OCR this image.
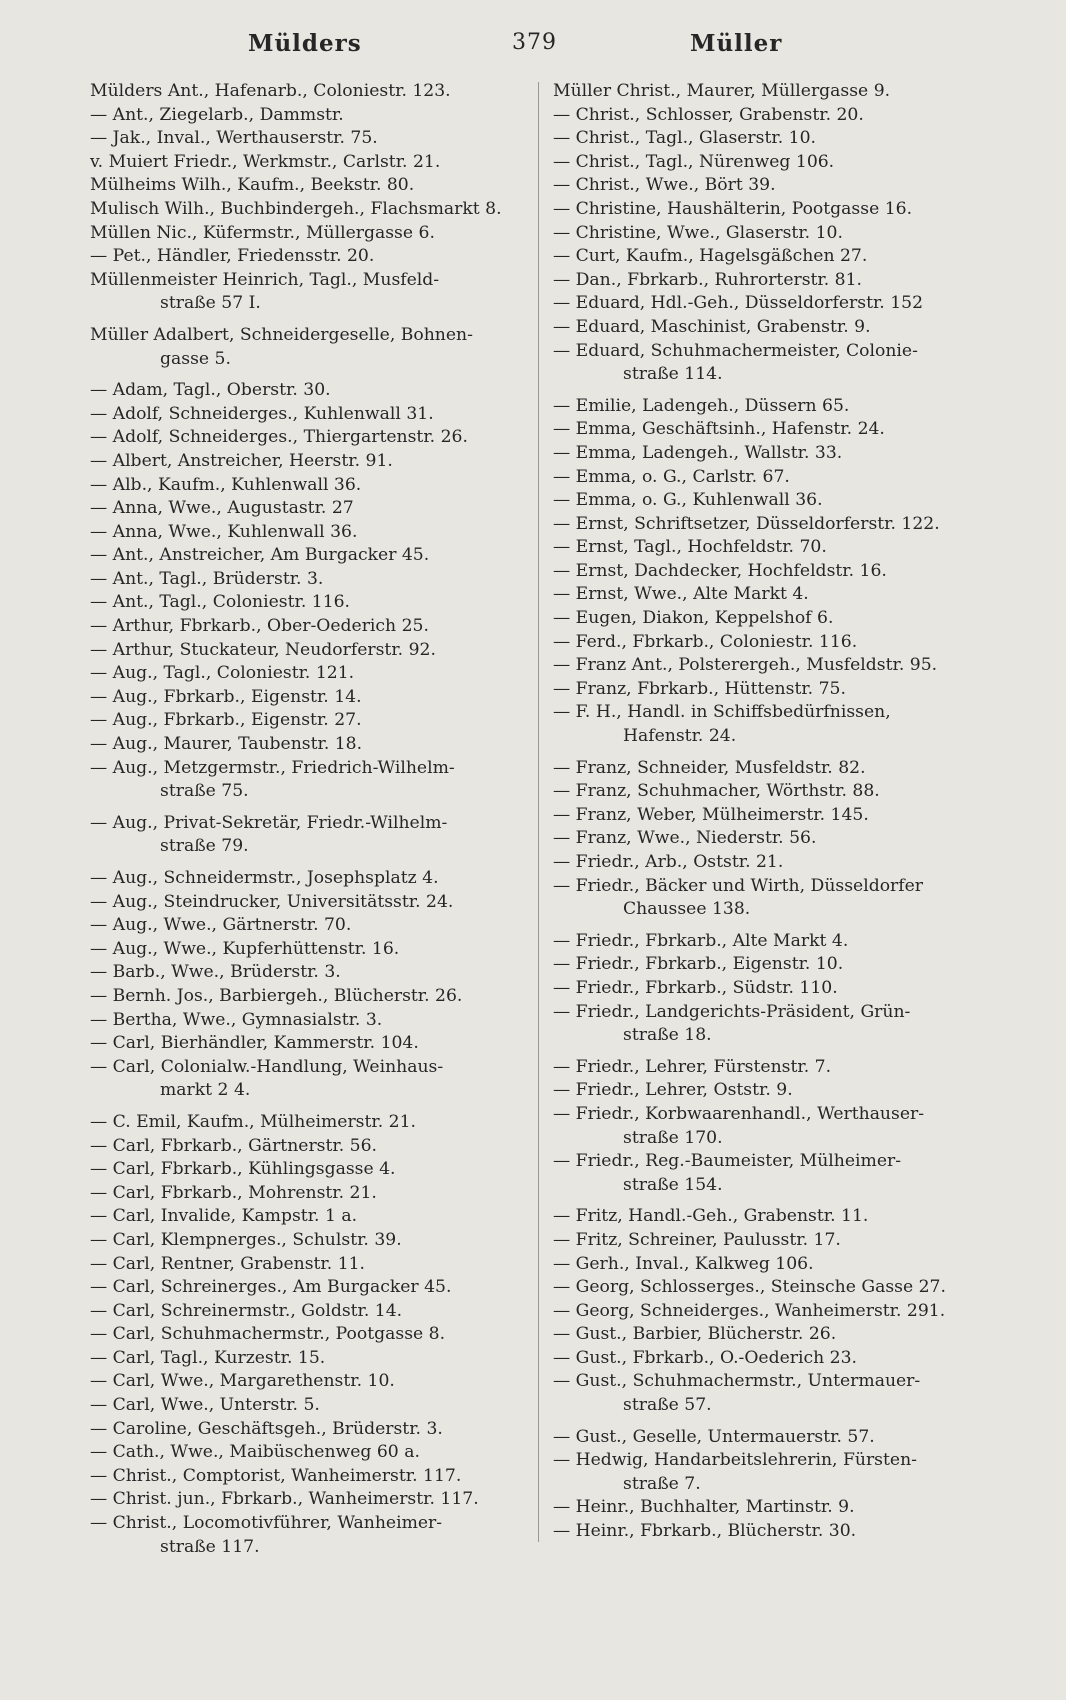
Mülders	379	Müller
Mülders Ant., Hafenarb., Coloniestr. 123.
— Ant., Ziegelarb., Dammstr.
— Jak., Inval., Werthauserstr. 75.
v. Muiert Friedr., Werkmstr., Carlstr. 21.
Mülheims Wilh., Kaufm., Beekstr. 80.
Mulisch Wilh., Buchbindergeh., Flachsmarkt 8.
Müllen Nic., Küfermstr., Müllergasse 6.
— Pet., Händler, Friedensstr. 20.
Müllenmeister Heinrich, Tagl., Musfeld-
straße 57 I.
Müller Adalbert, Schneidergeselle, Bohnen-
gasse 5.
— Adam, Tagl., Oberstr. 30.
— Adolf, Schneiderges., Kuhlenwall 31.
— Adolf, Schneiderges., Thiergartenstr. 26.
— Albert, Anstreicher, Heerstr. 91.
— Alb., Kaufm., Kuhlenwall 36.
— Anna, Wwe., Augustastr. 27
— Anna, Wwe., Kuhlenwall 36.
— Ant., Anstreicher, Am Burgacker 45.
— Ant., Tagl., Brüderstr. 3.
— Ant., Tagl., Coloniestr. 116.
— Arthur, Fbrkarb., Ober-Oederich 25.
— Arthur, Stuckateur, Neudorferstr. 92.
— Aug., Tagl., Coloniestr. 121.
— Aug., Fbrkarb., Eigenstr. 14.
— Aug., Fbrkarb., Eigenstr. 27.
— Aug., Maurer, Taubenstr. 18.
— Aug., Metzgermstr., Friedrich-Wilhelm-
straße 75.
— Aug., Privat-Sekretär, Friedr.-Wilhelm-
straße 79.
— Aug., Schneidermstr., Josephsplatz 4.
— Aug., Steindrucker, Universitätsstr. 24.
— Aug., Wwe., Gärtnerstr. 70.
— Aug., Wwe., Kupferhüttenstr. 16.
— Barb., Wwe., Brüderstr. 3.
— Bernh. Jos., Barbiergeh., Blücherstr. 26.
— Bertha, Wwe., Gymnasialstr. 3.
— Carl, Bierhändler, Kammerstr. 104.
— Carl, Colonialw.-Handlung, Weinhaus-
markt 2 4.
— C. Emil, Kaufm., Mülheimerstr. 21.
— Carl, Fbrkarb., Gärtnerstr. 56.
— Carl, Fbrkarb., Kühlingsgasse 4.
— Carl, Fbrkarb., Mohrenstr. 21.
— Carl, Invalide, Kampstr. 1 a.
— Carl, Klempnerges., Schulstr. 39.
— Carl, Rentner, Grabenstr. 11.
— Carl, Schreinerges., Am Burgacker 45.
— Carl, Schreinermstr., Goldstr. 14.
— Carl, Schuhmachermstr., Pootgasse 8.
— Carl, Tagl., Kurzestr. 15.
— Carl, Wwe., Margarethenstr. 10.
— Carl, Wwe., Unterstr. 5.
— Caroline, Geschäftsgeh., Brüderstr. 3.
— Cath., Wwe., Maibüschenweg 60 a.
— Christ., Comptorist, Wanheimerstr. 117.
— Christ. jun., Fbrkarb., Wanheimerstr. 117.
— Christ., Locomotivführer, Wanheimer-
straße 117.
Müller Christ., Maurer, Müllergasse 9.
— Christ., Schlosser, Grabenstr. 20.
— Christ., Tagl., Glaserstr. 10.
— Christ., Tagl., Nürenweg 106.
— Christ., Wwe., Bört 39.
— Christine, Haushälterin, Pootgasse 16.
— Christine, Wwe., Glaserstr. 10.
— Curt, Kaufm., Hagelsgäßchen 27.
— Dan., Fbrkarb., Ruhrorterstr. 81.
— Eduard, Hdl.-Geh., Düsseldorferstr. 152
— Eduard, Maschinist, Grabenstr. 9.
— Eduard, Schuhmachermeister, Colonie-
straße 114.
— Emilie, Ladengeh., Düssern 65.
— Emma, Geschäftsinh., Hafenstr. 24.
— Emma, Ladengeh., Wallstr. 33.
— Emma, o. G., Carlstr. 67.
— Emma, o. G., Kuhlenwall 36.
— Ernst, Schriftsetzer, Düsseldorferstr. 122.
— Ernst, Tagl., Hochfeldstr. 70.
— Ernst, Dachdecker, Hochfeldstr. 16.
— Ernst, Wwe., Alte Markt 4.
— Eugen, Diakon, Keppelshof 6.
— Ferd., Fbrkarb., Coloniestr. 116.
— Franz Ant., Polsterergeh., Musfeldstr. 95.
— Franz, Fbrkarb., Hüttenstr. 75.
— F. H., Handl. in Schiffsbedürfnissen,
Hafenstr. 24.
— Franz, Schneider, Musfeldstr. 82.
— Franz, Schuhmacher, Wörthstr. 88.
— Franz, Weber, Mülheimerstr. 145.
— Franz, Wwe., Niederstr. 56.
— Friedr., Arb., Oststr. 21.
— Friedr., Bäcker und Wirth, Düsseldorfer
Chaussee 138.
— Friedr., Fbrkarb., Alte Markt 4.
— Friedr., Fbrkarb., Eigenstr. 10.
— Friedr., Fbrkarb., Südstr. 110.
— Friedr., Landgerichts-Präsident, Grün-
straße 18.
— Friedr., Lehrer, Fürstenstr. 7.
— Friedr., Lehrer, Oststr. 9.
— Friedr., Korbwaarenhandl., Werthauser-
straße 170.
— Friedr., Reg.-Baumeister, Mülheimer-
straße 154.
— Fritz, Handl.-Geh., Grabenstr. 11.
— Fritz, Schreiner, Paulusstr. 17.
— Gerh., Inval., Kalkweg 106.
— Georg, Schlosserges., Steinsche Gasse 27.
— Georg, Schneiderges., Wanheimerstr. 291.
— Gust., Barbier, Blücherstr. 26.
— Gust., Fbrkarb., O.-Oederich 23.
— Gust., Schuhmachermstr., Untermauer-
straße 57.
— Gust., Geselle, Untermauerstr. 57.
— Hedwig, Handarbeitslehrerin, Fürsten-
straße 7.
— Heinr., Buchhalter, Martinstr. 9.
— Heinr., Fbrkarb., Blücherstr. 30.
